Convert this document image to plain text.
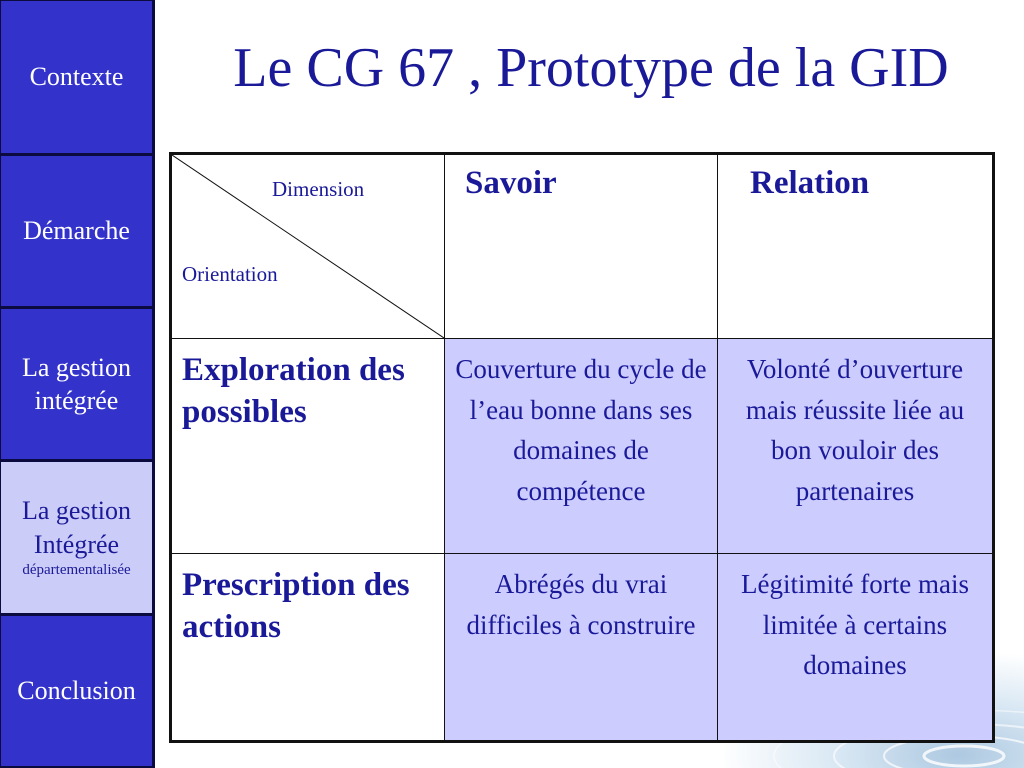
Contexte
Démarche
La gestion intégrée
La gestion Intégrée
départementalisée
Conclusion
Le CG 67 , Prototype de la GID
Dimension
Orientation	Savoir	Relation
Exploration des possibles	Couverture du cycle de l’eau bonne dans ses domaines de compétence	Volonté d’ouverture mais réussite liée au bon vouloir des partenaires
Prescription des actions	Abrégés du vrai difficiles à construire	Légitimité forte mais limitée à certains domaines
